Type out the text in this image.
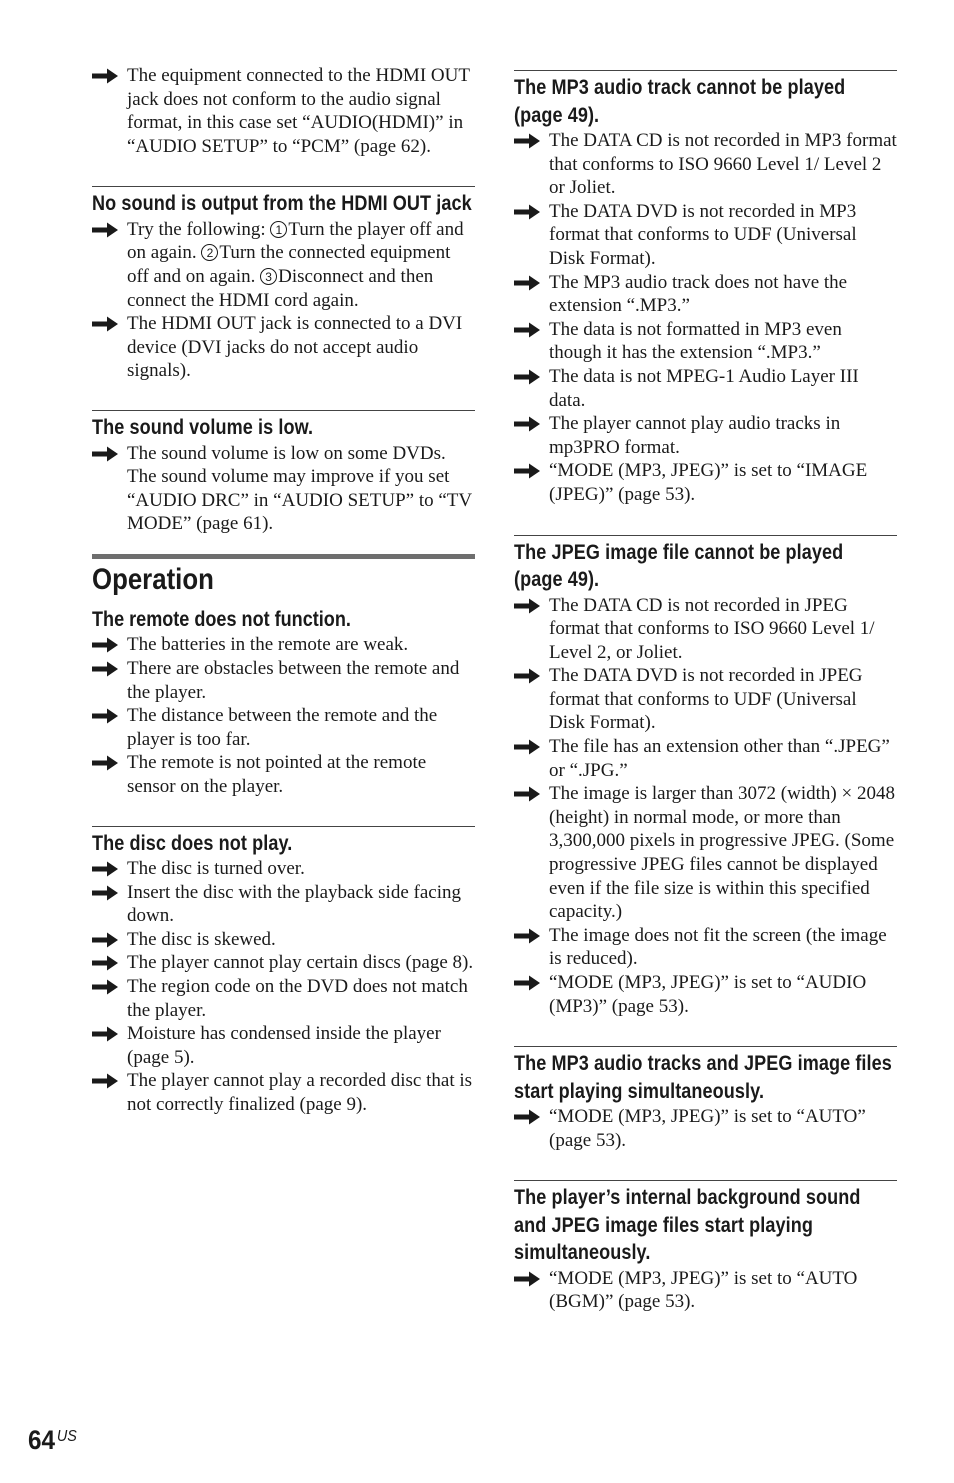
The equipment connected to the HDMI OUT jack does not conform to the audio signal format, in this case set “AUDIO(HDMI)” in “AUDIO SETUP” to “PCM” (page 62).
No sound is output from the HDMI OUT jack
Try the following: 1 Turn the player off and on again. 2 Turn the connected equipment off and on again. 3 Disconnect and then connect the HDMI cord again.
The HDMI OUT jack is connected to a DVI device (DVI jacks do not accept audio signals).
The sound volume is low.
The sound volume is low on some DVDs. The sound volume may improve if you set “AUDIO DRC” in “AUDIO SETUP” to “TV MODE” (page 61).
Operation
The remote does not function.
The batteries in the remote are weak.
There are obstacles between the remote and the player.
The distance between the remote and the player is too far.
The remote is not pointed at the remote sensor on the player.
The disc does not play.
The disc is turned over.
Insert the disc with the playback side facing down.
The disc is skewed.
The player cannot play certain discs (page 8).
The region code on the DVD does not match the player.
Moisture has condensed inside the player (page 5).
The player cannot play a recorded disc that is not correctly finalized (page 9).
The MP3 audio track cannot be played (page 49).
The DATA CD is not recorded in MP3 format that conforms to ISO 9660 Level 1/ Level 2 or Joliet.
The DATA DVD is not recorded in MP3 format that conforms to UDF (Universal Disk Format).
The MP3 audio track does not have the extension “.MP3.”
The data is not formatted in MP3 even though it has the extension “.MP3.”
The data is not MPEG-1 Audio Layer III data.
The player cannot play audio tracks in mp3PRO format.
“MODE (MP3, JPEG)” is set to “IMAGE (JPEG)” (page 53).
The JPEG image file cannot be played (page 49).
The DATA CD is not recorded in JPEG format that conforms to ISO 9660 Level 1/ Level 2, or Joliet.
The DATA DVD is not recorded in JPEG format that conforms to UDF (Universal Disk Format).
The file has an extension other than “.JPEG” or “.JPG.”
The image is larger than 3072 (width) × 2048 (height) in normal mode, or more than 3,300,000 pixels in progressive JPEG. (Some progressive JPEG files cannot be displayed even if the file size is within this specified capacity.)
The image does not fit the screen (the image is reduced).
“MODE (MP3, JPEG)” is set to “AUDIO (MP3)” (page 53).
The MP3 audio tracks and JPEG image files start playing simultaneously.
“MODE (MP3, JPEG)” is set to “AUTO” (page 53).
The player’s internal background sound and JPEG image files start playing simultaneously.
“MODE (MP3, JPEG)” is set to “AUTO (BGM)” (page 53).
64 $^{US}$
